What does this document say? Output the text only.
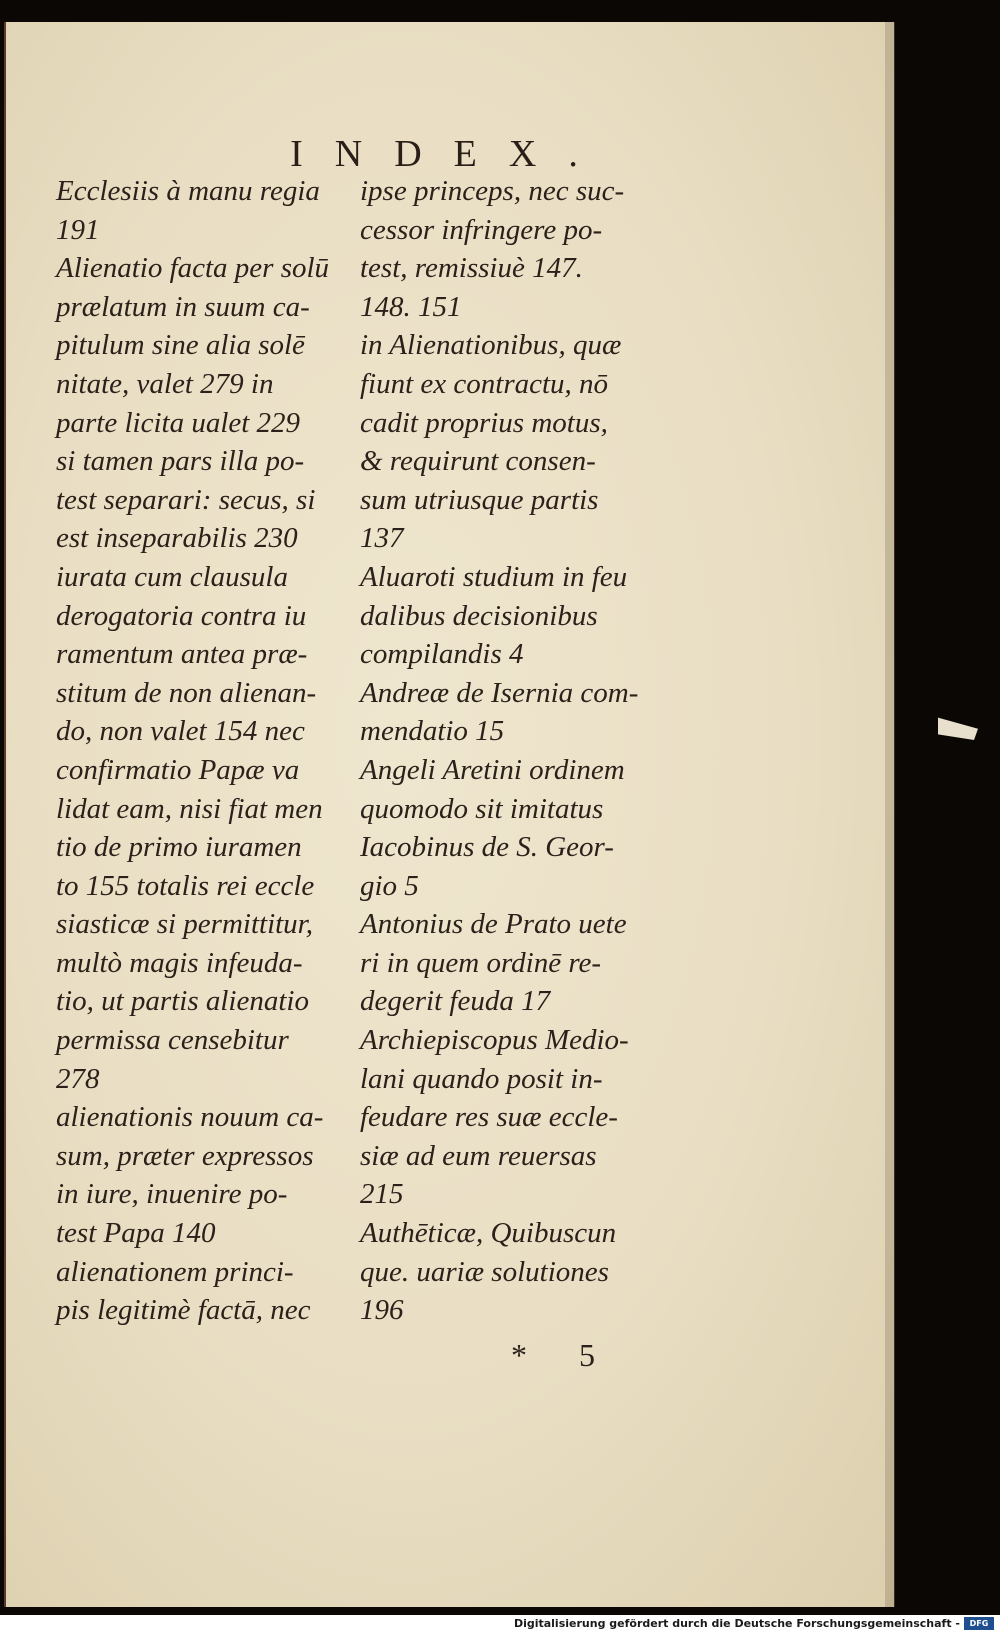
INDEX.
Ecclesiis à manu regia
191
Alienatio facta per solū
prælatum in suum ca-
pitulum sine alia solē
nitate, valet 279 in
parte licita ualet 229
si tamen pars illa po-
test separari: secus, si
est inseparabilis 230
iurata cum clausula
derogatoria contra iu
ramentum antea præ-
stitum de non alienan-
do, non valet 154 nec
confirmatio Papæ va
lidat eam, nisi fiat men
tio de primo iuramen
to 155 totalis rei eccle
siasticæ si permittitur,
multò magis infeuda-
tio, ut partis alienatio
permissa censebitur
278
alienationis nouum ca-
sum, præter expressos
in iure, inuenire po-
test Papa 140
alienationem princi-
pis legitimè factā, nec
ipse princeps, nec suc-
cessor infringere po-
test, remissiuè 147.
148. 151
in Alienationibus, quæ
fiunt ex contractu, nō
cadit proprius motus,
& requirunt consen-
sum utriusque partis
137
Aluaroti studium in feu
dalibus decisionibus
compilandis 4
Andreæ de Isernia com-
mendatio 15
Angeli Aretini ordinem
quomodo sit imitatus
Iacobinus de S. Geor-
gio 5
Antonius de Prato uete
ri in quem ordinē re-
degerit feuda 17
Archiepiscopus Medio-
lani quando posit in-
feudare res suæ eccle-
siæ ad eum reuersas
215
Authēticæ, Quibuscun
que. uariæ solutiones
196
* 5
Digitalisierung gefördert durch die Deutsche Forschungsgemeinschaft -	DFG
